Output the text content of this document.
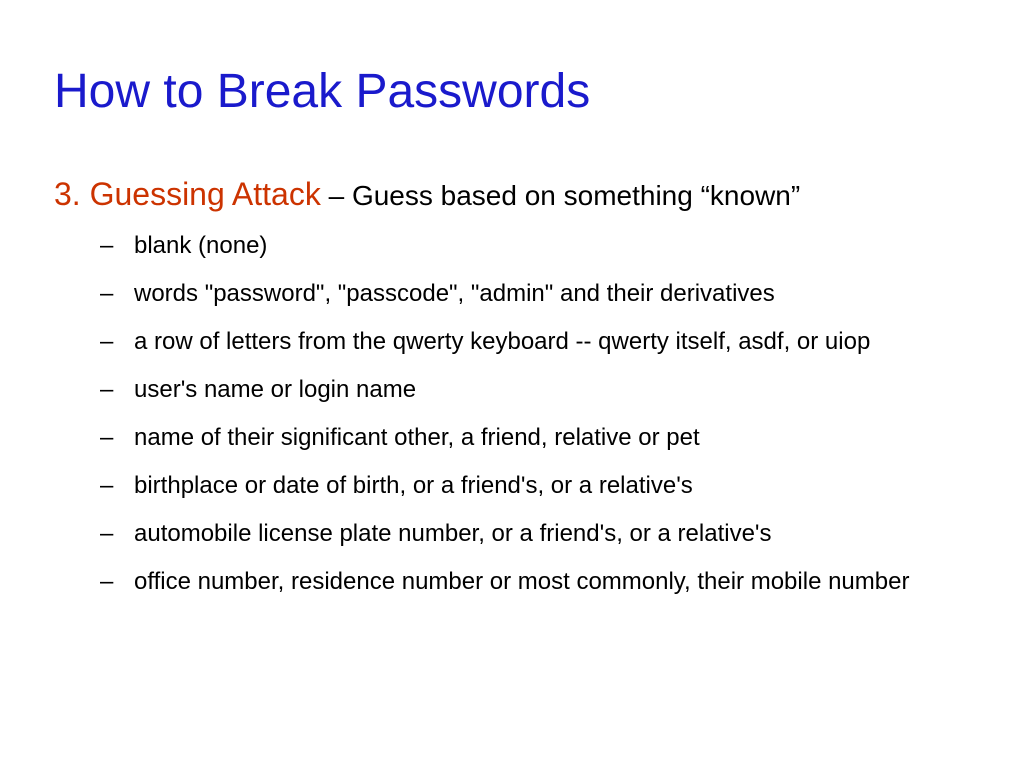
How to Break Passwords

3. Guessing Attack – Guess based on something “known”

– blank (none)
– words "password", "passcode", "admin" and their derivatives
– a row of letters from the qwerty keyboard -- qwerty itself, asdf, or uiop
– user's name or login name
– name of their significant other, a friend, relative or pet
– birthplace or date of birth, or a friend's, or a relative's
– automobile license plate number, or a friend's, or a relative's
– office number, residence number or most commonly, their mobile number
